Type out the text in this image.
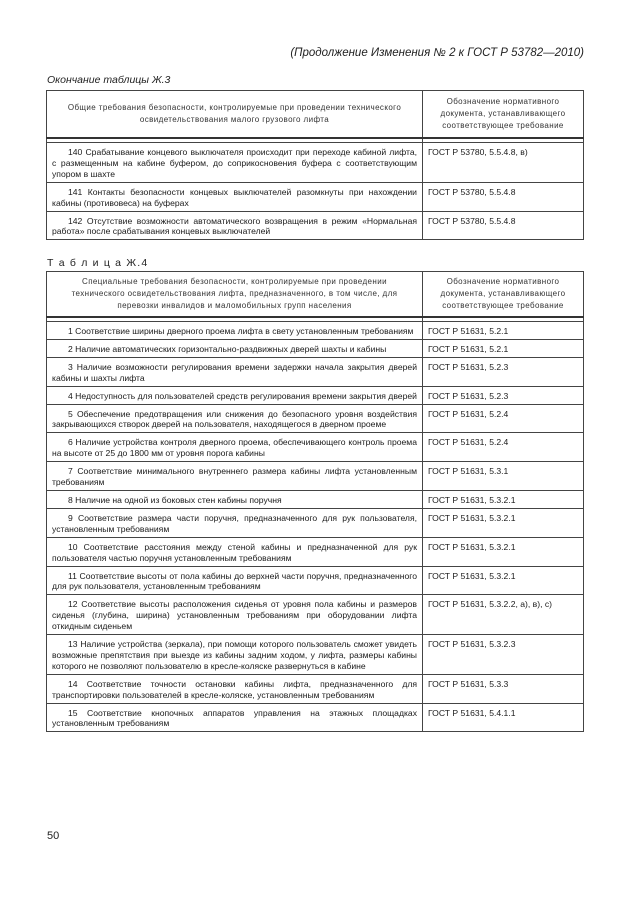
(Продолжение Изменения № 2 к ГОСТ Р 53782—2010)
Окончание таблицы Ж.3
Общие требования безопасности, контролируемые при проведении технического освидетельствования малого грузового лифта	Обозначение нормативного документа, устанавливающего соответствующее требование

140 Срабатывание концевого выключателя происходит при переходе кабиной лифта, с размещенным на кабине буфером, до соприкосновения буфера с соответствующим упором в шахте	ГОСТ Р 53780, 5.5.4.8, в)
141 Контакты безопасности концевых выключателей разомкнуты при нахождении кабины (противовеса) на буферах	ГОСТ Р 53780, 5.5.4.8
142 Отсутствие возможности автоматического возвращения в режим «Нормальная работа» после срабатывания концевых выключателей	ГОСТ Р 53780, 5.5.4.8
Т а б л и ц а Ж.4
Специальные требования безопасности, контролируемые при проведении технического освидетельствования лифта, предназначенного, в том числе, для перевозки инвалидов и маломобильных групп населения	Обозначение нормативного документа, устанавливающего соответствующее требование

1 Соответствие ширины дверного проема лифта в свету установленным требованиям	ГОСТ Р 51631, 5.2.1
2 Наличие автоматических горизонтально-раздвижных дверей шахты и кабины	ГОСТ Р 51631, 5.2.1
3 Наличие возможности регулирования времени задержки начала закрытия дверей кабины и шахты лифта	ГОСТ Р 51631, 5.2.3
4 Недоступность для пользователей средств регулирования времени закрытия дверей	ГОСТ Р 51631, 5.2.3
5 Обеспечение предотвращения или снижения до безопасного уровня воздействия закрывающихся створок дверей на пользователя, находящегося в дверном проеме	ГОСТ Р 51631, 5.2.4
6 Наличие устройства контроля дверного проема, обеспечивающего контроль проема на высоте от 25 до 1800 мм от уровня порога кабины	ГОСТ Р 51631, 5.2.4
7 Соответствие минимального внутреннего размера кабины лифта установленным требованиям	ГОСТ Р 51631, 5.3.1
8 Наличие на одной из боковых стен кабины поручня	ГОСТ Р 51631, 5.3.2.1
9 Соответствие размера части поручня, предназначенного для рук пользователя, установленным требованиям	ГОСТ Р 51631, 5.3.2.1
10 Соответствие расстояния между стеной кабины и предназначенной для рук пользователя частью поручня установленным требованиям	ГОСТ Р 51631, 5.3.2.1
11 Соответствие высоты от пола кабины до верхней части поручня, предназначенного для рук пользователя, установленным требованиям	ГОСТ Р 51631, 5.3.2.1
12 Соответствие высоты расположения сиденья от уровня пола кабины и размеров сиденья (глубина, ширина) установленным требованиям при оборудовании лифта откидным сиденьем	ГОСТ Р 51631, 5.3.2.2, а), в), с)
13 Наличие устройства (зеркала), при помощи которого пользователь сможет увидеть возможные препятствия при выезде из кабины задним ходом, у лифта, размеры кабины которого не позволяют пользователю в кресле-коляске развернуться в кабине	ГОСТ Р 51631, 5.3.2.3
14 Соответствие точности остановки кабины лифта, предназначенного для транспортировки пользователей в кресле-коляске, установленным требованиям	ГОСТ Р 51631, 5.3.3
15 Соответствие кнопочных аппаратов управления на этажных площадках установленным требованиям	ГОСТ Р 51631, 5.4.1.1
50
